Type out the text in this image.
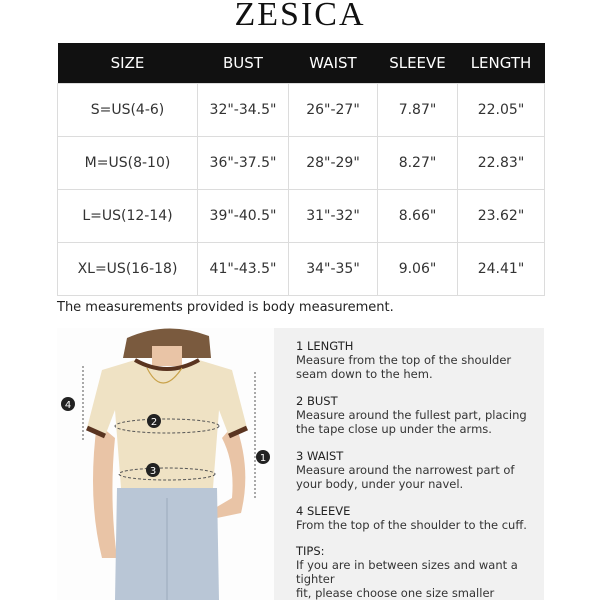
ZESICA
SIZE	BUST	WAIST	SLEEVE	LENGTH
S=US(4-6)	32"-34.5"	26"-27"	7.87"	22.05"
M=US(8-10)	36"-37.5"	28"-29"	8.27"	22.83"
L=US(12-14)	39"-40.5"	31"-32"	8.66"	23.62"
XL=US(16-18)	41"-43.5"	34"-35"	9.06"	24.41"
The measurements provided is body measurement.
4
2
3
1
1 LENGTH
Measure from the top of the shoulder
seam down to the hem.
2 BUST
Measure around the fullest part, placing
the tape close up under the arms.
3 WAIST
Measure around the narrowest part of
your body, under your navel.
4 SLEEVE
From the top of the shoulder to the cuff.
TIPS:
If you are in between sizes and want a tighter
fit, please choose one size smaller
